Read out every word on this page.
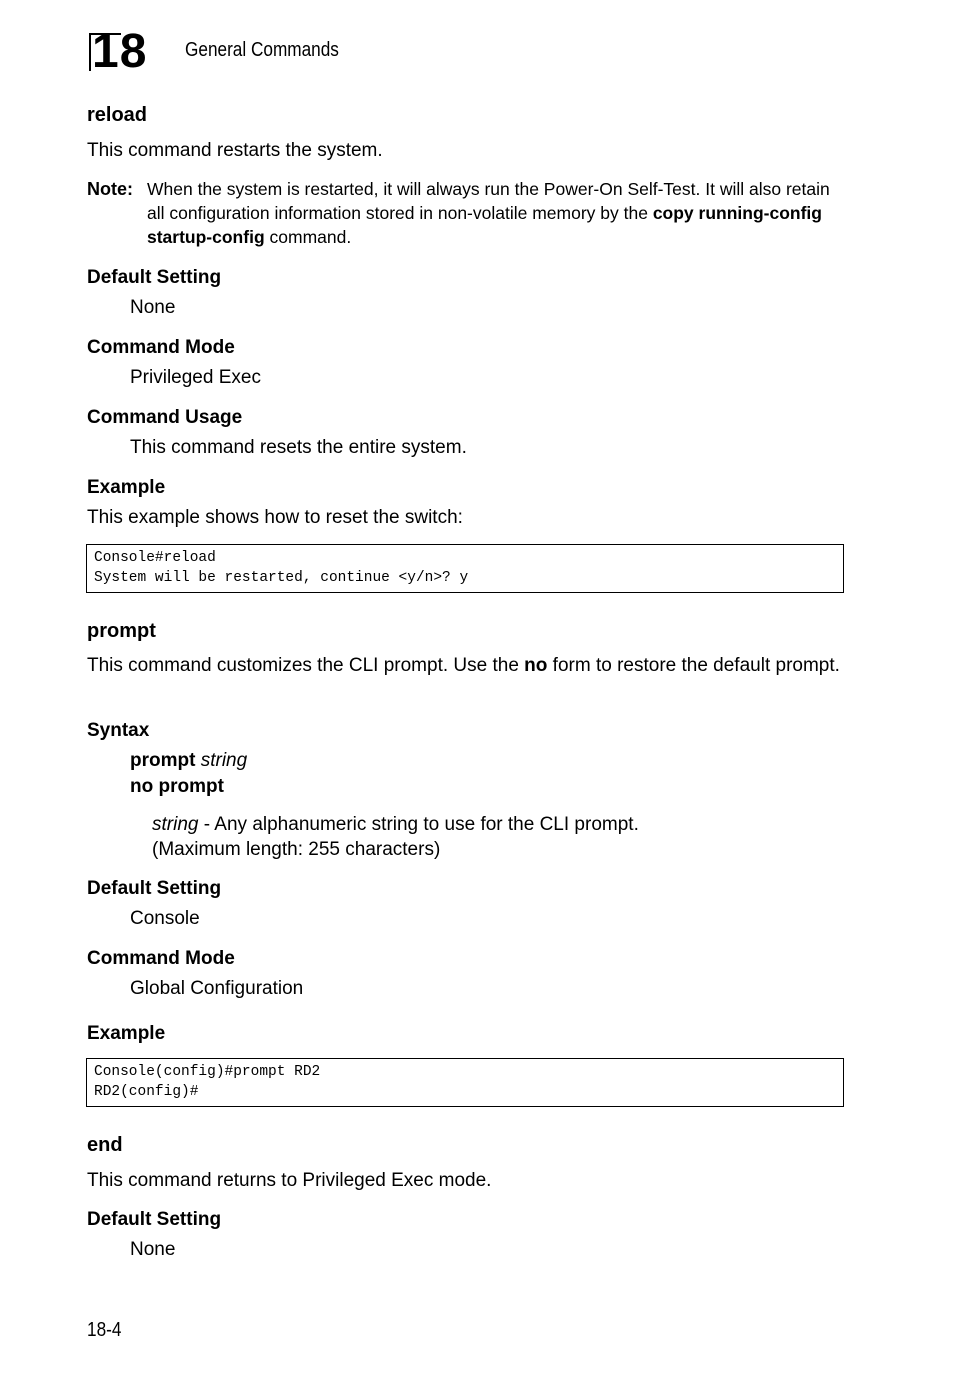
18 General Commands
reload
This command restarts the system.
Note: When the system is restarted, it will always run the Power-On Self-Test. It will also retain all configuration information stored in non-volatile memory by the copy running-config startup-config command.
Default Setting
None
Command Mode
Privileged Exec
Command Usage
This command resets the entire system.
Example
This example shows how to reset the switch:
Console#reload
System will be restarted, continue <y/n>? y
prompt
This command customizes the CLI prompt. Use the no form to restore the default prompt.
Syntax
prompt string
no prompt
string - Any alphanumeric string to use for the CLI prompt.
(Maximum length: 255 characters)
Default Setting
Console
Command Mode
Global Configuration
Example
Console(config)#prompt RD2
RD2(config)#
end
This command returns to Privileged Exec mode.
Default Setting
None
18-4
